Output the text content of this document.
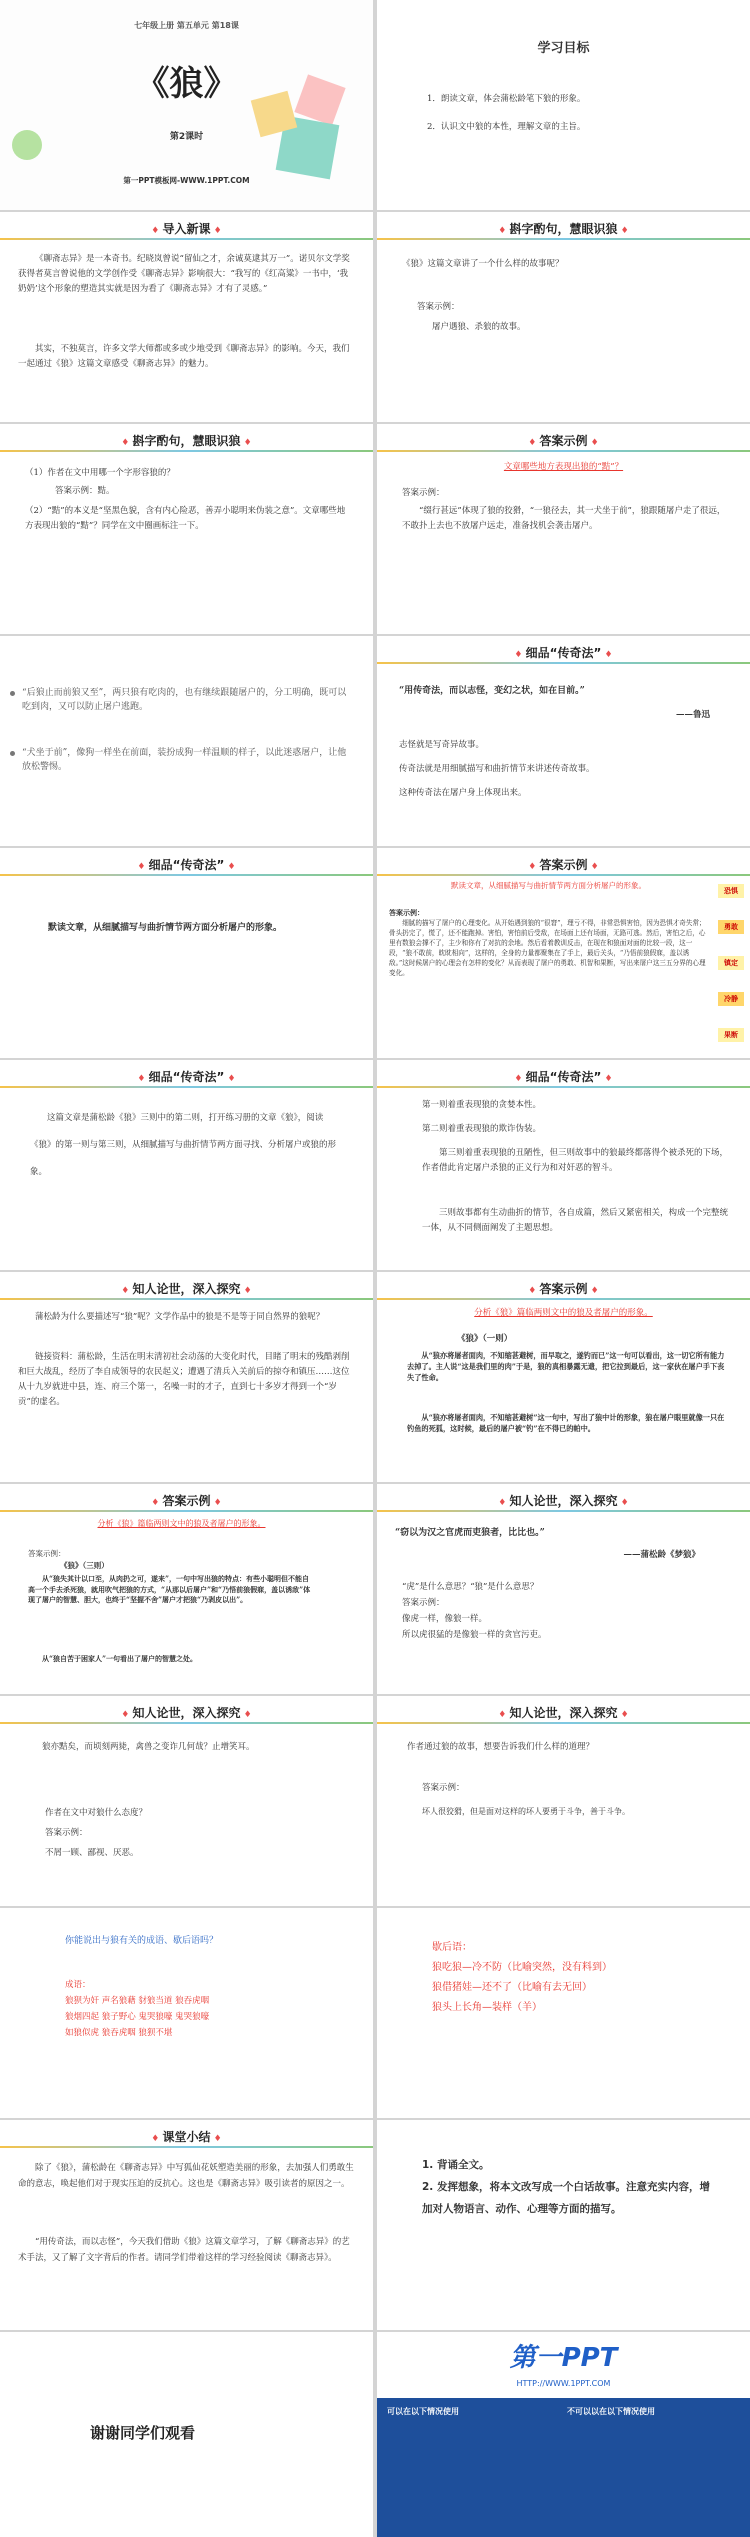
七年级上册 第五单元 第18课
《狼》
第2课时
第一PPT模板网-WWW.1PPT.COM
学习目标
1．朗读文章，体会蒲松龄笔下狼的形象。
2．认识文中狼的本性，理解文章的主旨。
♦ 导入新课 ♦
《聊斋志异》是一本奇书。纪晓岚曾说“留仙之才，余诚莫逮其万一”。诺贝尔文学奖获得者莫言曾说他的文学创作受《聊斋志异》影响很大：“我写的《红高粱》一书中，‘我奶奶’这个形象的塑造其实就是因为看了《聊斋志异》才有了灵感。”
其实，不独莫言，许多文学大师都或多或少地受到《聊斋志异》的影响。今天，我们一起通过《狼》这篇文章感受《聊斋志异》的魅力。
♦ 斟字酌句，慧眼识狼 ♦
《狼》这篇文章讲了一个什么样的故事呢？
答案示例：
屠户遇狼、杀狼的故事。
♦ 斟字酌句，慧眼识狼 ♦
（1）作者在文中用哪一个字形容狼的？
答案示例：黠。
（2）“黠”的本义是“坚黑色貌，含有内心险恶，善弄小聪明来伪装之意”。文章哪些地方表现出狼的“黠”？同学在文中圈画标注一下。
♦ 答案示例 ♦
文章哪些地方表现出狼的“黠”？
答案示例：
“缀行甚远”体现了狼的狡猾，“一狼径去，其一犬坐于前”，狼跟随屠户走了很远，不敢扑上去也不放屠户远走，准备找机会袭击屠户。
“后狼止而前狼又至”，两只狼有吃肉的，也有继续跟随屠户的，分工明确，既可以吃到肉，又可以防止屠户逃跑。
“犬坐于前”，像狗一样坐在前面，装扮成狗一样温顺的样子，以此迷惑屠户，让他放松警惕。
♦ 细品“传奇法” ♦
“用传奇法，而以志怪，变幻之状，如在目前。”
——鲁迅
志怪就是写奇异故事。
传奇法就是用细腻描写和曲折情节来讲述传奇故事。
这种传奇法在屠户身上体现出来。
♦ 细品“传奇法” ♦
默读文章，从细腻描写与曲折情节两方面分析屠户的形象。
♦ 答案示例 ♦
默读文章，从细腻描写与曲折情节两方面分析屠户的形象。
答案示例：
细腻的描写了屠户的心理变化。从开始遇到狼的“很窘”，理亏不得，非常恐惧害怕，因为恐惧才奇失常；骨头扔完了，慌了，还不能跑掉。害怕，害怕前后受敌，在场面上还有场面，无路可逃。然后，害怕之后，心里有数狼会撑不了，主少和你有了对抗的余地。然后看着教训反击，在现在和狼面对面的比较一段，这一段，“狼不敢前，眈眈相向”，这样的，全身的力量都聚集在了手上，最后关头，“乃悟前狼假寐，盖以诱敌。”这时候屠户的心理会有怎样的变化？从而表现了屠户的勇敢、机智和果断，写出来屠户这三五分界的心理变化。
恐惧
勇敢
镇定
冷静
果断
♦ 细品“传奇法” ♦
这篇文章是蒲松龄《狼》三则中的第二则，打开练习册的文章《狼》，阅读《狼》的第一则与第三则，从细腻描写与曲折情节两方面寻找、分析屠户或狼的形象。
♦ 细品“传奇法” ♦
第一则着重表现狼的贪婪本性。
第二则着重表现狼的欺诈伪装。
第三则着重表现狼的丑陋性，但三则故事中的狼最终都落得个被杀死的下场，作者借此肯定屠户杀狼的正义行为和对奸恶的智斗。
三则故事都有生动曲折的情节，各自成篇，然后又紧密相关，构成一个完整统一体，从不同侧面阐发了主题思想。
♦ 知人论世，深入探究 ♦
蒲松龄为什么要描述写“狼”呢？文学作品中的狼是不是等于同自然界的狼呢？
链接资料：蒲松龄，生活在明末清初社会动荡的大变化时代，目睹了明末的残酷剥削和巨大战乱，经历了李自成领导的农民起义；遭遇了清兵入关前后的掠夺和镇压……这位从十九岁就进中县，连、府三个第一，名噪一时的才子，直到七十多岁才得到一个“岁贡”的虚名。
♦ 答案示例 ♦
分析《狼》篇临两则文中的狼及者屠户的形象。
《狼》（一则）
从“狼亦将屠者面肉，不知缩甚避树，而早取之，遂钓而已”这一句可以看出，这一切它所有能力去掉了。主人说“这是我们里的肉”于是，狼的真相暴露无遗，把它拉到最后，这一家伙在屠户手下丧失了性命。
从“狼亦将屠者面肉，不知缩甚避树”这一句中，写出了狼中计的形象，狼在屠户眼里就像一只在钓鱼的死狐，这时候，最后的屠户被“钓”在不得已的帕中。
♦ 答案示例 ♦
分析《狼》篇临两则文中的狼及者屠户的形象。
答案示例：
《狼》（三则）
从“狼失其计以口至，从肉扔之可，遂来”，一句中写出狼的特点：有些小聪明但不能自高一个手去杀死狼，就用吹气把狼的方式，“从那以后屠户”和“乃悟前狼假寐，盖以诱敌”体现了屠户的智慧、胆大，也终于“坚握不舍”屠户才把狼“乃剥皮以出”。
从“狼自苦于困家人”一句看出了屠户的智慧之处。
♦ 知人论世，深入探究 ♦
“窃以为汉之官虎而吏狼者，比比也。”
——蒲松龄《梦狼》
“虎”是什么意思？“狼”是什么意思？
答案示例：
像虎一样，像狼一样。
所以虎很猛的是像狼一样的贪官污吏。
♦ 知人论世，深入探究 ♦
狼亦黠矣，而顷刻两毙，禽兽之变诈几何哉？止增笑耳。
作者在文中对狼什么态度？
答案示例：
不屑一顾、鄙视、厌恶。
♦ 知人论世，深入探究 ♦
作者通过狼的故事，想要告诉我们什么样的道理？
答案示例：
坏人很狡猾，但是面对这样的坏人要勇于斗争，善于斗争。
你能说出与狼有关的成语、歇后语吗？
成语：
狼狈为奸 声名狼藉 豺狼当道 狼吞虎咽
狼烟四起 狼子野心 鬼哭狼嚎 鬼哭狼嚎
如狼似虎 狼吞虎咽 狼狈不堪
歇后语：
狼吃狼—冷不防（比喻突然，没有料到）
狼借猪娃—还不了（比喻有去无回）
狼头上长角—装样（羊）
♦ 课堂小结 ♦
除了《狼》，蒲松龄在《聊斋志异》中写狐仙花妖塑造美丽的形象，去加强人们勇敢生命的意志，唤起他们对于现实压迫的反抗心。这也是《聊斋志异》吸引读者的原因之一。
“用传奇法，而以志怪”，今天我们借助《狼》这篇文章学习，了解《聊斋志异》的艺术手法，又了解了文字背后的作者。请同学们带着这样的学习经验阅读《聊斋志异》。
1. 背诵全文。
2. 发挥想象，将本文改写成一个白话故事。注意充实内容，增加对人物语言、动作、心理等方面的描写。
谢谢同学们观看
第一PPT
HTTP://WWW.1PPT.COM
可以在以下情况使用	不可以以在以下情况使用
